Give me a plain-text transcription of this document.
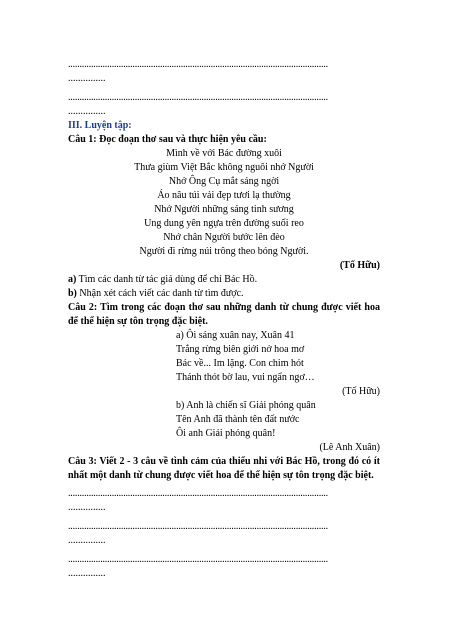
.................................................................................................................
...............
.................................................................................................................
...............
III. Luyện tập:
Câu 1: Đọc đoạn thơ sau và thực hiện yêu cầu:
Mình về với Bác đường xuôi
Thưa giùm Việt Bắc không nguôi nhớ Người
Nhớ Ông Cụ mắt sáng ngời
Áo nâu túi vải đẹp tươi lạ thường
Nhớ Người những sáng tinh sương
Ung dung yên ngựa trên đường suối reo
Nhớ chân Người bước lên đèo
Người đi rừng núi trông theo bóng Người.
(Tố Hữu)
a) Tìm các danh từ tác giả dùng để chỉ Bác Hồ.
b) Nhận xét cách viết các danh từ tìm được.
Câu 2: Tìm trong các đoạn thơ sau những danh từ chung được viết hoa để thể hiện sự tôn trọng đặc biệt.
a) Ôi sáng xuân nay, Xuân 41
Trắng rừng biên giới nở hoa mơ
Bác về... Im lặng. Con chim hót
Thánh thót bờ lau, vui ngẩn ngơ…
(Tố Hữu)
b) Anh là chiến sĩ Giải phóng quân
Tên Anh đã thành tên đất nước
Ôi anh Giải phóng quân!
(Lê Anh Xuân)
Câu 3: Viết 2 - 3 câu về tình cảm của thiếu nhi với Bác Hồ, trong đó có ít nhất một danh từ chung được viết hoa để thể hiện sự tôn trọng đặc biệt.
.................................................................................................................
...............
.................................................................................................................
...............
.................................................................................................................
...............
